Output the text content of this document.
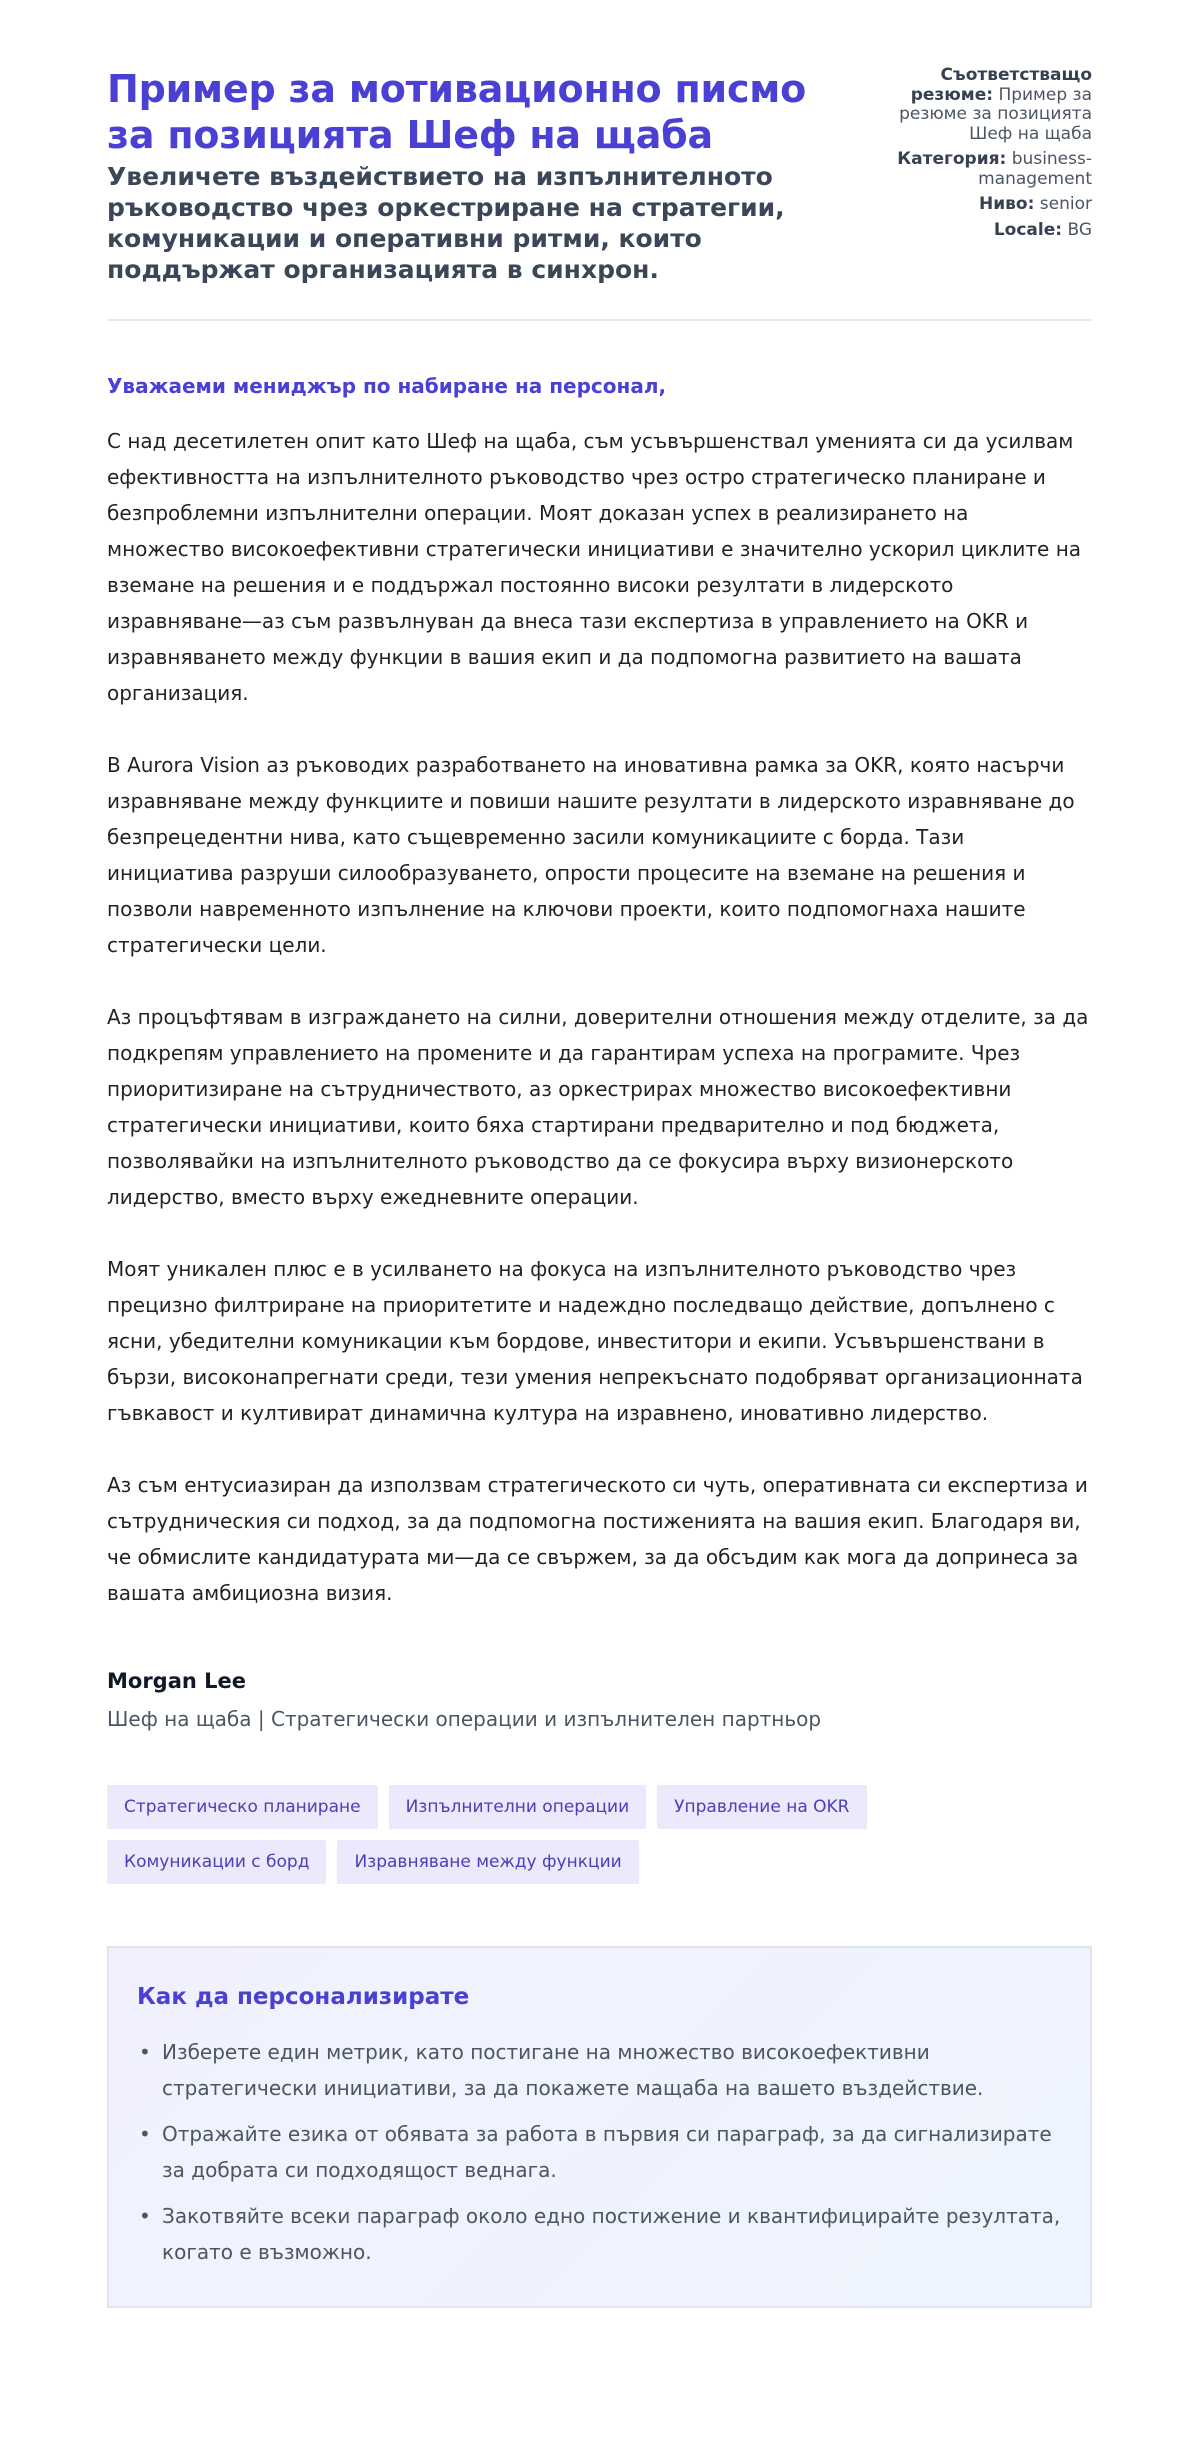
Пример за мотивационно писмо за позицията Шеф на щаба
Увеличете въздействието на изпълнителното ръководство чрез оркестриране на стратегии, комуникации и оперативни ритми, които поддържат организацията в синхрон.
Съответстващо резюме: Пример за резюме за позицията Шеф на щаба
Категория: business-management
Ниво: senior
Locale: BG

Уважаеми мениджър по набиране на персонал,

С над десетилетен опит като Шеф на щаба, съм усъвършенствал уменията си да усилвам ефективността на изпълнителното ръководство чрез остро стратегическо планиране и безпроблемни изпълнителни операции. Моят доказан успех в реализирането на множество високоефективни стратегически инициативи е значително ускорил циклите на вземане на решения и е поддържал постоянно високи резултати в лидерското изравняване—аз съм развълнуван да внеса тази експертиза в управлението на OKR и изравняването между функции в вашия екип и да подпомогна развитието на вашата организация.

В Aurora Vision аз ръководих разработването на иновативна рамка за OKR, която насърчи изравняване между функциите и повиши нашите резултати в лидерското изравняване до безпрецедентни нива, като същевременно засили комуникациите с борда. Тази инициатива разруши силообразуването, опрости процесите на вземане на решения и позволи навременното изпълнение на ключови проекти, които подпомогнаха нашите стратегически цели.

Аз процъфтявам в изграждането на силни, доверителни отношения между отделите, за да подкрепям управлението на промените и да гарантирам успеха на програмите. Чрез приоритизиране на сътрудничеството, аз оркестрирах множество високоефективни стратегически инициативи, които бяха стартирани предварително и под бюджета, позволявайки на изпълнителното ръководство да се фокусира върху визионерското лидерство, вместо върху ежедневните операции.

Моят уникален плюс е в усилването на фокуса на изпълнителното ръководство чрез прецизно филтриране на приоритетите и надеждно последващо действие, допълнено с ясни, убедителни комуникации към бордове, инвеститори и екипи. Усъвършенствани в бързи, високонапрегнати среди, тези умения непрекъснато подобряват организационната гъвкавост и култивират динамична култура на изравнено, иновативно лидерство.

Аз съм ентусиазиран да използвам стратегическото си чуть, оперативната си експертиза и сътрудническия си подход, за да подпомогна постиженията на вашия екип. Благодаря ви, че обмислите кандидатурата ми—да се свържем, за да обсъдим как мога да допринеса за вашата амбициозна визия.

Morgan Lee
Шеф на щаба | Стратегически операции и изпълнителен партньор
Стратегическо планиране	Изпълнителни операции	Управление на OKR
Комуникации с борд	Изравняване между функции
Как да персонализирате
• Изберете един метрик, като постигане на множество високоефективни стратегически инициативи, за да покажете мащаба на вашето въздействие.
• Отражайте езика от обявата за работа в първия си параграф, за да сигнализирате за добрата си подходящост веднага.
• Закотвяйте всеки параграф около едно постижение и квантифицирайте резултата, когато е възможно.
